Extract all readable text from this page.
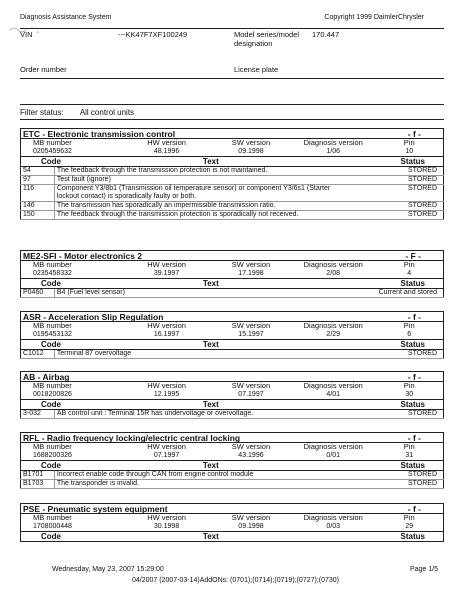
Diagnosis Assistance System	Copyright 1999 DaimlerChrysler
VIN	---KK47F7XF100249	Model series/model designation
170.447
Order number	License plate
Filter status: All control units
ETC - Electronic transmission control	- f -
MB number	HW version	SW version	Diagnosis version	Pin
0205459632	48.1996	09.1998	1/06	10
Code	Text	Status
54	The feedback through the transmission protection is not maintained.	STORED
97	Test fault (ignore)	STORED
116	Component Y3/8b1 (Transmission oil temperature sensor) or component Y3/6s1 (Starter lockout contact) is sporadically faulty or both.	STORED
146	The transmission has sporadically an impermissible transmission ratio.	STORED
150	The feedback through the transmission protection is sporadically not received.	STORED
ME2-SFI - Motor electronics 2	- F -
MB number	HW version	SW version	Diagnosis version	Pin
0235458332	39.1997	17.1998	2/08	4
Code	Text	Status
P0460	B4 (Fuel level sensor)	Current and stored
ASR - Acceleration Slip Regulation	- f -
MB number	HW version	SW version	Diagnosis version	Pin
0195453132	16.1997	15.1997	2/29	6
Code	Text	Status
C1012	Terminal 87 overvoltage	STORED
AB - Airbag	- f -
MB number	HW version	SW version	Diagnosis version	Pin
0018200826	12.1995	07.1997	4/01	30
Code	Text	Status
3-032	AB control unit : Terminal 15R has undervoltage or overvoltage.	STORED
RFL - Radio frequency locking/electric central locking	- f -
MB number	HW version	SW version	Diagnosis version	Pin
1688200326	07.1997	43.1996	0/01	31
Code	Text	Status
B1701	Incorrect enable code through CAN from engine control module	STORED
B1703	The transponder is invalid.	STORED
PSE - Pneumatic system equipment	- f -
MB number	HW version	SW version	Diagnosis version	Pin
1708000448	30.1998	09.1998	0/03	29
Code	Text	Status
Wednesday, May 23, 2007 15:29:00	Page 1/5
04/2007 (2007-03-14)AddONs: (0701);(0714);(0719);(0727);(0730)
